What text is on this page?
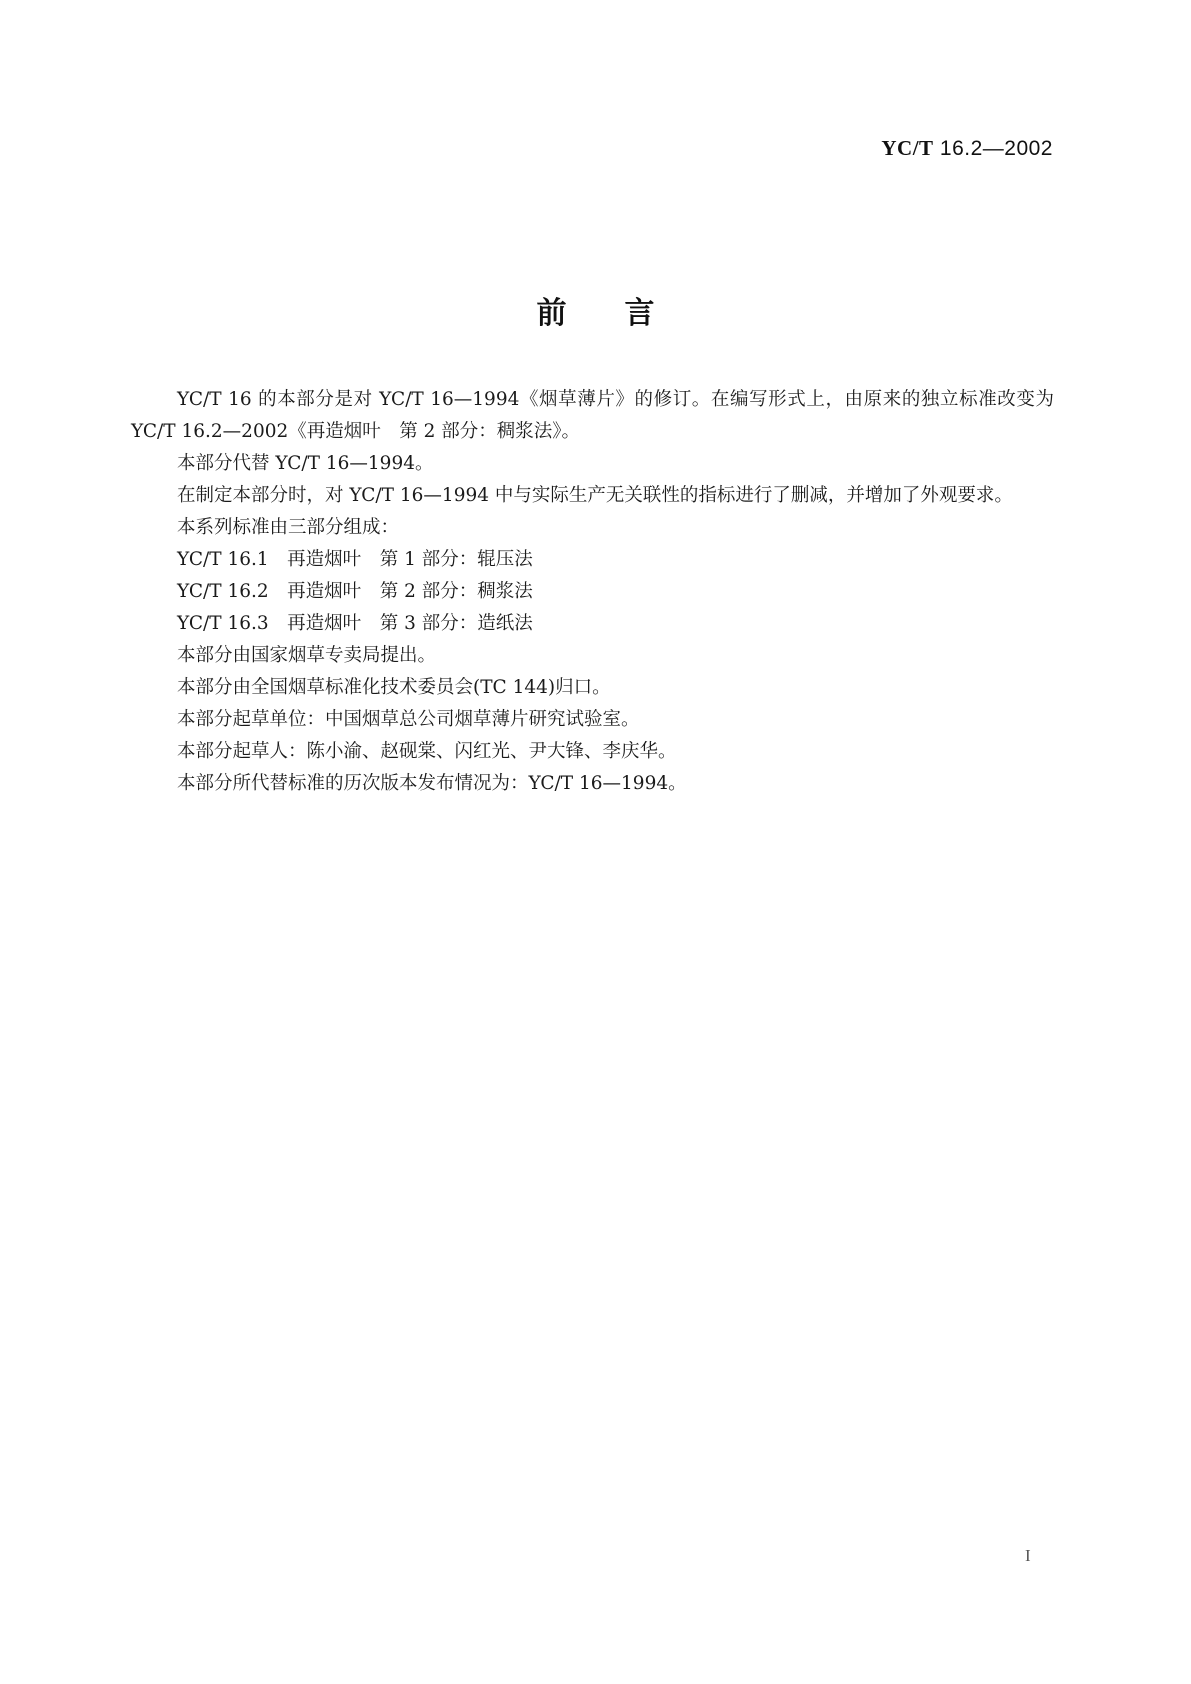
YC/T 16.2—2002
前言

YC/T 16 的本部分是对 YC/T 16—1994《烟草薄片》的修订。在编写形式上，由原来的独立标准改变为 YC/T 16.2—2002《再造烟叶　第 2 部分：稠浆法》。

本部分代替 YC/T 16—1994。

在制定本部分时，对 YC/T 16—1994 中与实际生产无关联性的指标进行了删减，并增加了外观要求。

本系列标准由三部分组成：

YC/T 16.1　再造烟叶　第 1 部分：辊压法

YC/T 16.2　再造烟叶　第 2 部分：稠浆法

YC/T 16.3　再造烟叶　第 3 部分：造纸法

本部分由国家烟草专卖局提出。

本部分由全国烟草标准化技术委员会(TC 144)归口。

本部分起草单位：中国烟草总公司烟草薄片研究试验室。

本部分起草人：陈小渝、赵砚棠、闪红光、尹大锋、李庆华。

本部分所代替标准的历次版本发布情况为：YC/T 16—1994。

I
